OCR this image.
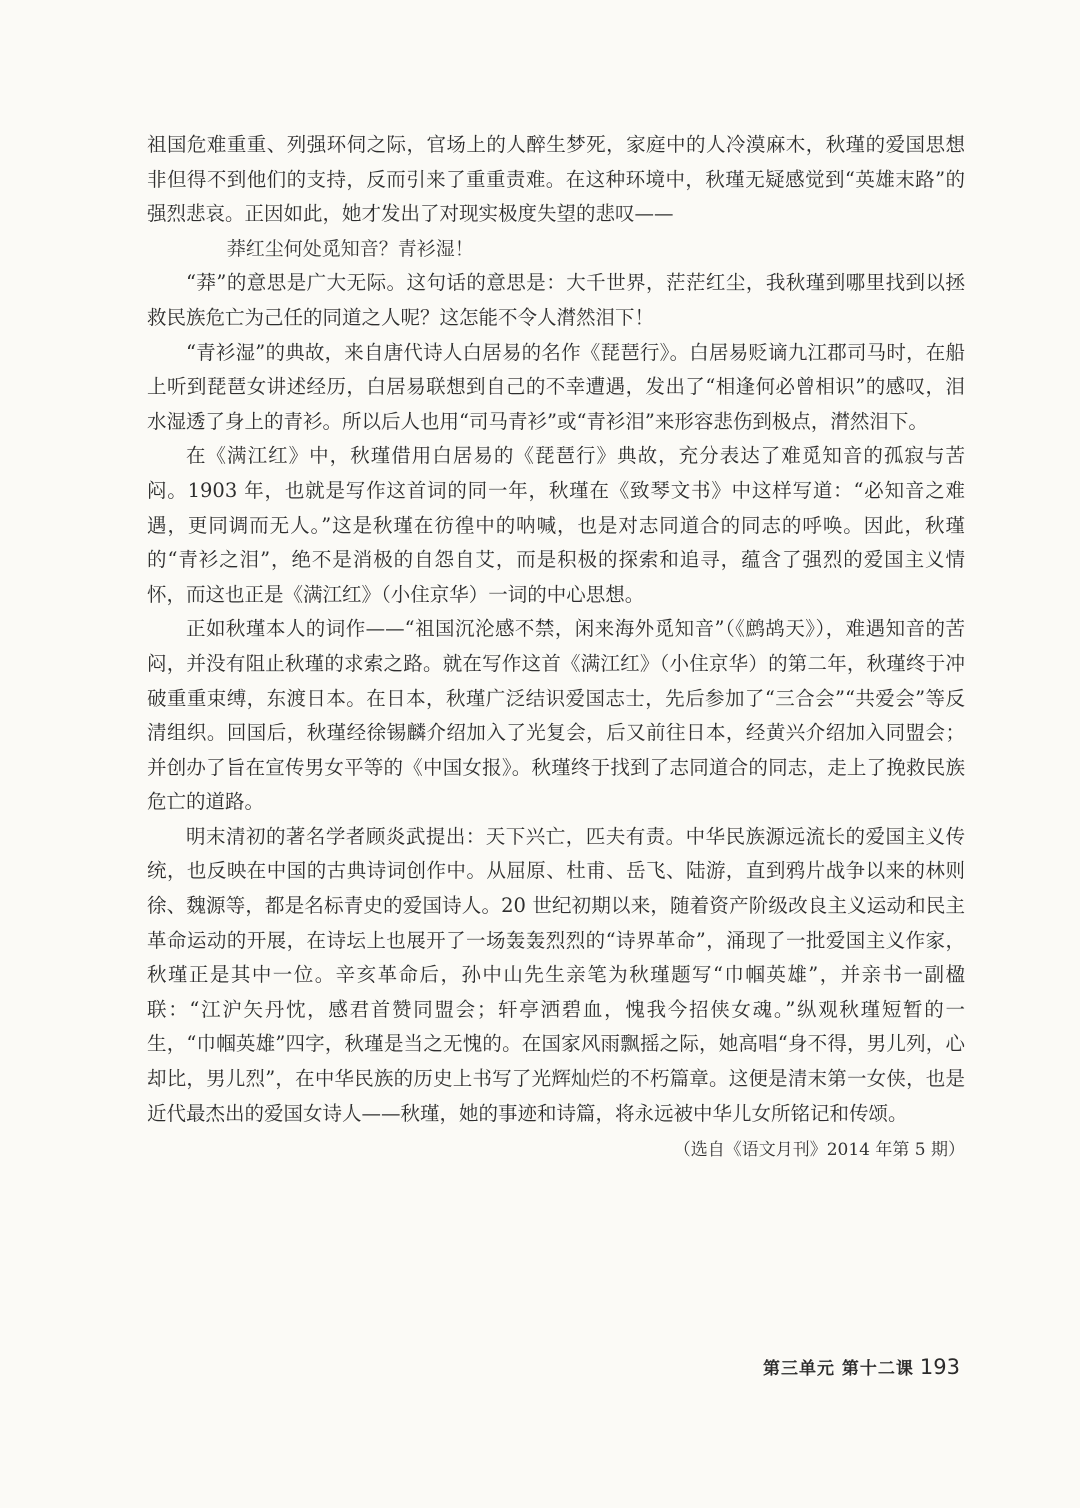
祖国危难重重、列强环伺之际，官场上的人醉生梦死，家庭中的人冷漠麻木，秋瑾的爱国思想非但得不到他们的支持，反而引来了重重责难。在这种环境中，秋瑾无疑感觉到“英雄末路”的强烈悲哀。正因如此，她才发出了对现实极度失望的悲叹——

莽红尘何处觅知音？青衫湿！

“莽”的意思是广大无际。这句话的意思是：大千世界，茫茫红尘，我秋瑾到哪里找到以拯救民族危亡为己任的同道之人呢？这怎能不令人潸然泪下！

“青衫湿”的典故，来自唐代诗人白居易的名作《琵琶行》。白居易贬谪九江郡司马时，在船上听到琵琶女讲述经历，白居易联想到自己的不幸遭遇，发出了“相逢何必曾相识”的感叹，泪水湿透了身上的青衫。所以后人也用“司马青衫”或“青衫泪”来形容悲伤到极点，潸然泪下。

在《满江红》中，秋瑾借用白居易的《琵琶行》典故，充分表达了难觅知音的孤寂与苦闷。1903 年，也就是写作这首词的同一年，秋瑾在《致琴文书》中这样写道：“必知音之难遇，更同调而无人。”这是秋瑾在彷徨中的呐喊，也是对志同道合的同志的呼唤。因此，秋瑾的“青衫之泪”，绝不是消极的自怨自艾，而是积极的探索和追寻，蕴含了强烈的爱国主义情怀，而这也正是《满江红》（小住京华）一词的中心思想。

正如秋瑾本人的词作——“祖国沉沦感不禁，闲来海外觅知音”（《鹧鸪天》），难遇知音的苦闷，并没有阻止秋瑾的求索之路。就在写作这首《满江红》（小住京华）的第二年，秋瑾终于冲破重重束缚，东渡日本。在日本，秋瑾广泛结识爱国志士，先后参加了“三合会”“共爱会”等反清组织。回国后，秋瑾经徐锡麟介绍加入了光复会，后又前往日本，经黄兴介绍加入同盟会；并创办了旨在宣传男女平等的《中国女报》。秋瑾终于找到了志同道合的同志，走上了挽救民族危亡的道路。

明末清初的著名学者顾炎武提出：天下兴亡，匹夫有责。中华民族源远流长的爱国主义传统，也反映在中国的古典诗词创作中。从屈原、杜甫、岳飞、陆游，直到鸦片战争以来的林则徐、魏源等，都是名标青史的爱国诗人。20 世纪初期以来，随着资产阶级改良主义运动和民主革命运动的开展，在诗坛上也展开了一场轰轰烈烈的“诗界革命”，涌现了一批爱国主义作家，秋瑾正是其中一位。辛亥革命后，孙中山先生亲笔为秋瑾题写“巾帼英雄”，并亲书一副楹联：“江沪矢丹忱，感君首赞同盟会；轩亭洒碧血，愧我今招侠女魂。”纵观秋瑾短暂的一生，“巾帼英雄”四字，秋瑾是当之无愧的。在国家风雨飘摇之际，她高唱“身不得，男儿列，心却比，男儿烈”，在中华民族的历史上书写了光辉灿烂的不朽篇章。这便是清末第一女侠，也是近代最杰出的爱国女诗人——秋瑾，她的事迹和诗篇，将永远被中华儿女所铭记和传颂。

（选自《语文月刊》2014 年第 5 期）

第三单元 第十二课 193
